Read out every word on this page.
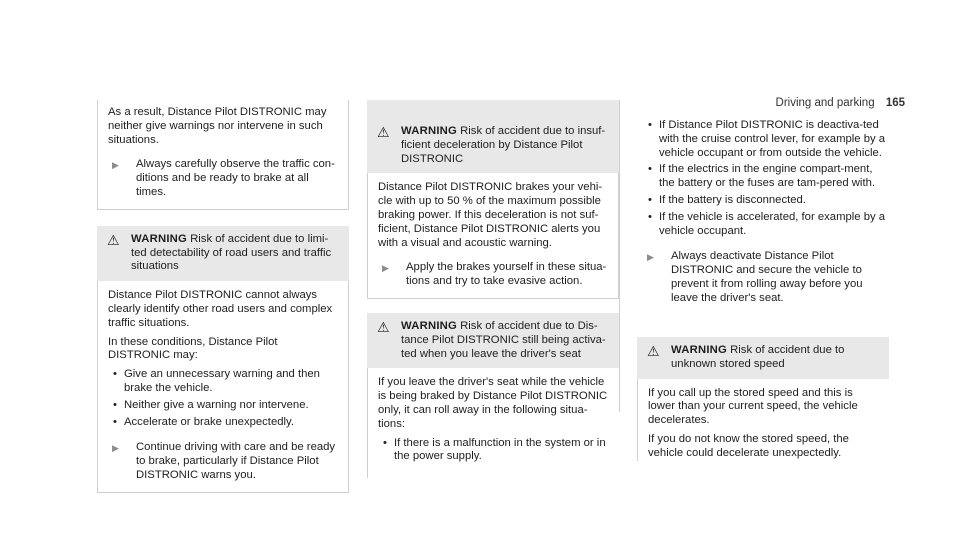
Driving and parking 165

As a result, Distance Pilot DISTRONIC may neither give warnings nor intervene in such situations.

▶	Always carefully observe the traffic con-ditions and be ready to brake at all times.
⚠	WARNING Risk of accident due to limi-ted detectability of road users and traffic situations

Distance Pilot DISTRONIC cannot always clearly identify other road users and complex traffic situations.

In these conditions, Distance Pilot DISTRONIC may:

• Give an unnecessary warning and then brake the vehicle.
• Neither give a warning nor intervene.
• Accelerate or brake unexpectedly.
▶	Continue driving with care and be ready to brake, particularly if Distance Pilot DISTRONIC warns you.
⚠	WARNING Risk of accident due to insuf-ficient deceleration by Distance Pilot DISTRONIC

Distance Pilot DISTRONIC brakes your vehi-cle with up to 50 % of the maximum possible braking power. If this deceleration is not suf-ficient, Distance Pilot DISTRONIC alerts you with a visual and acoustic warning.

▶	Apply the brakes yourself in these situa-tions and try to take evasive action.
⚠	WARNING Risk of accident due to Dis-tance Pilot DISTRONIC still being activa-ted when you leave the driver's seat

If you leave the driver's seat while the vehicle is being braked by Distance Pilot DISTRONIC only, it can roll away in the following situa-tions:

• If there is a malfunction in the system or in the power supply.
• If Distance Pilot DISTRONIC is deactiva-ted with the cruise control lever, for example by a vehicle occupant or from outside the vehicle.
• If the electrics in the engine compart-ment, the battery or the fuses are tam-pered with.
• If the battery is disconnected.
• If the vehicle is accelerated, for example by a vehicle occupant.
▶	Always deactivate Distance Pilot DISTRONIC and secure the vehicle to prevent it from rolling away before you leave the driver's seat.
⚠	WARNING Risk of accident due to unknown stored speed

If you call up the stored speed and this is lower than your current speed, the vehicle decelerates.

If you do not know the stored speed, the vehicle could decelerate unexpectedly.
